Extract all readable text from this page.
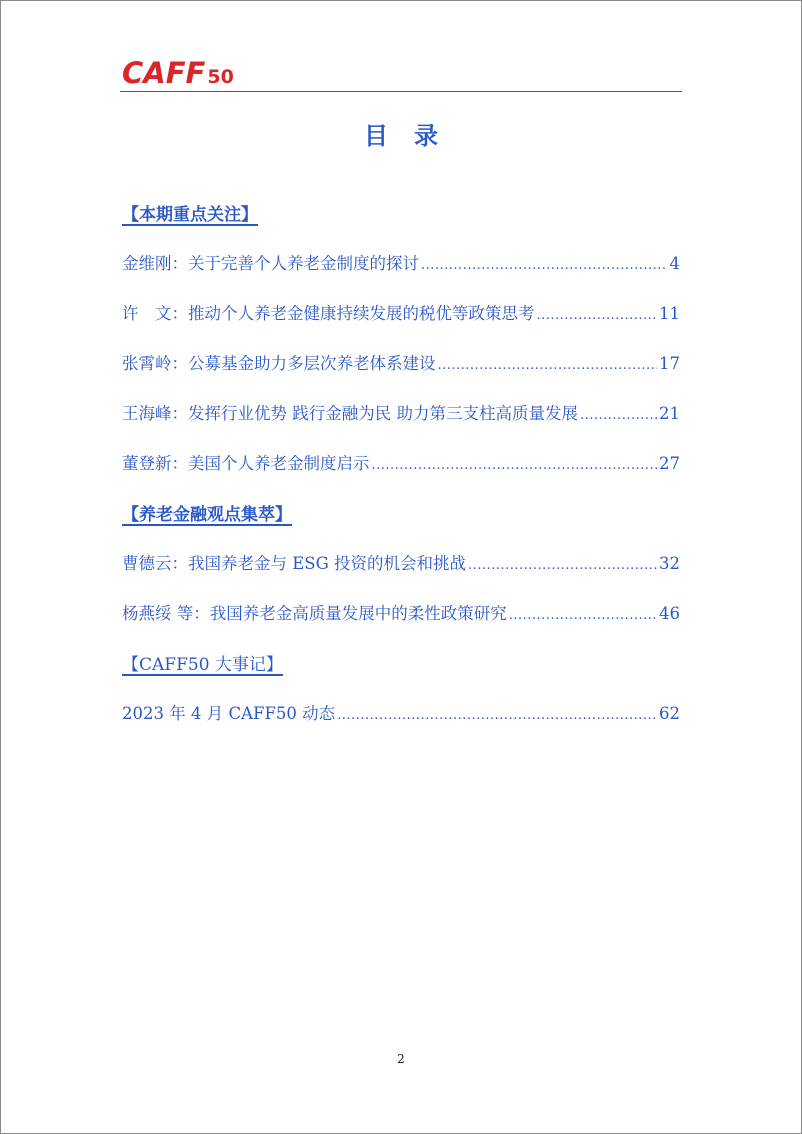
CAFF 50
目录
【本期重点关注】
金维刚：关于完善个人养老金制度的探讨 .....	4
许　文：推动个人养老金健康持续发展的税优等政策思考 .....	11
张霄岭：公募基金助力多层次养老体系建设 .....	17
王海峰：发挥行业优势 践行金融为民 助力第三支柱高质量发展 .....	21
董登新：美国个人养老金制度启示 .....	27
【养老金融观点集萃】
曹德云：我国养老金与 ESG 投资的机会和挑战 .....	32
杨燕绥 等：我国养老金高质量发展中的柔性政策研究 .....	46
【CAFF50 大事记】
2023 年 4 月 CAFF50 动态 .....	62
2
